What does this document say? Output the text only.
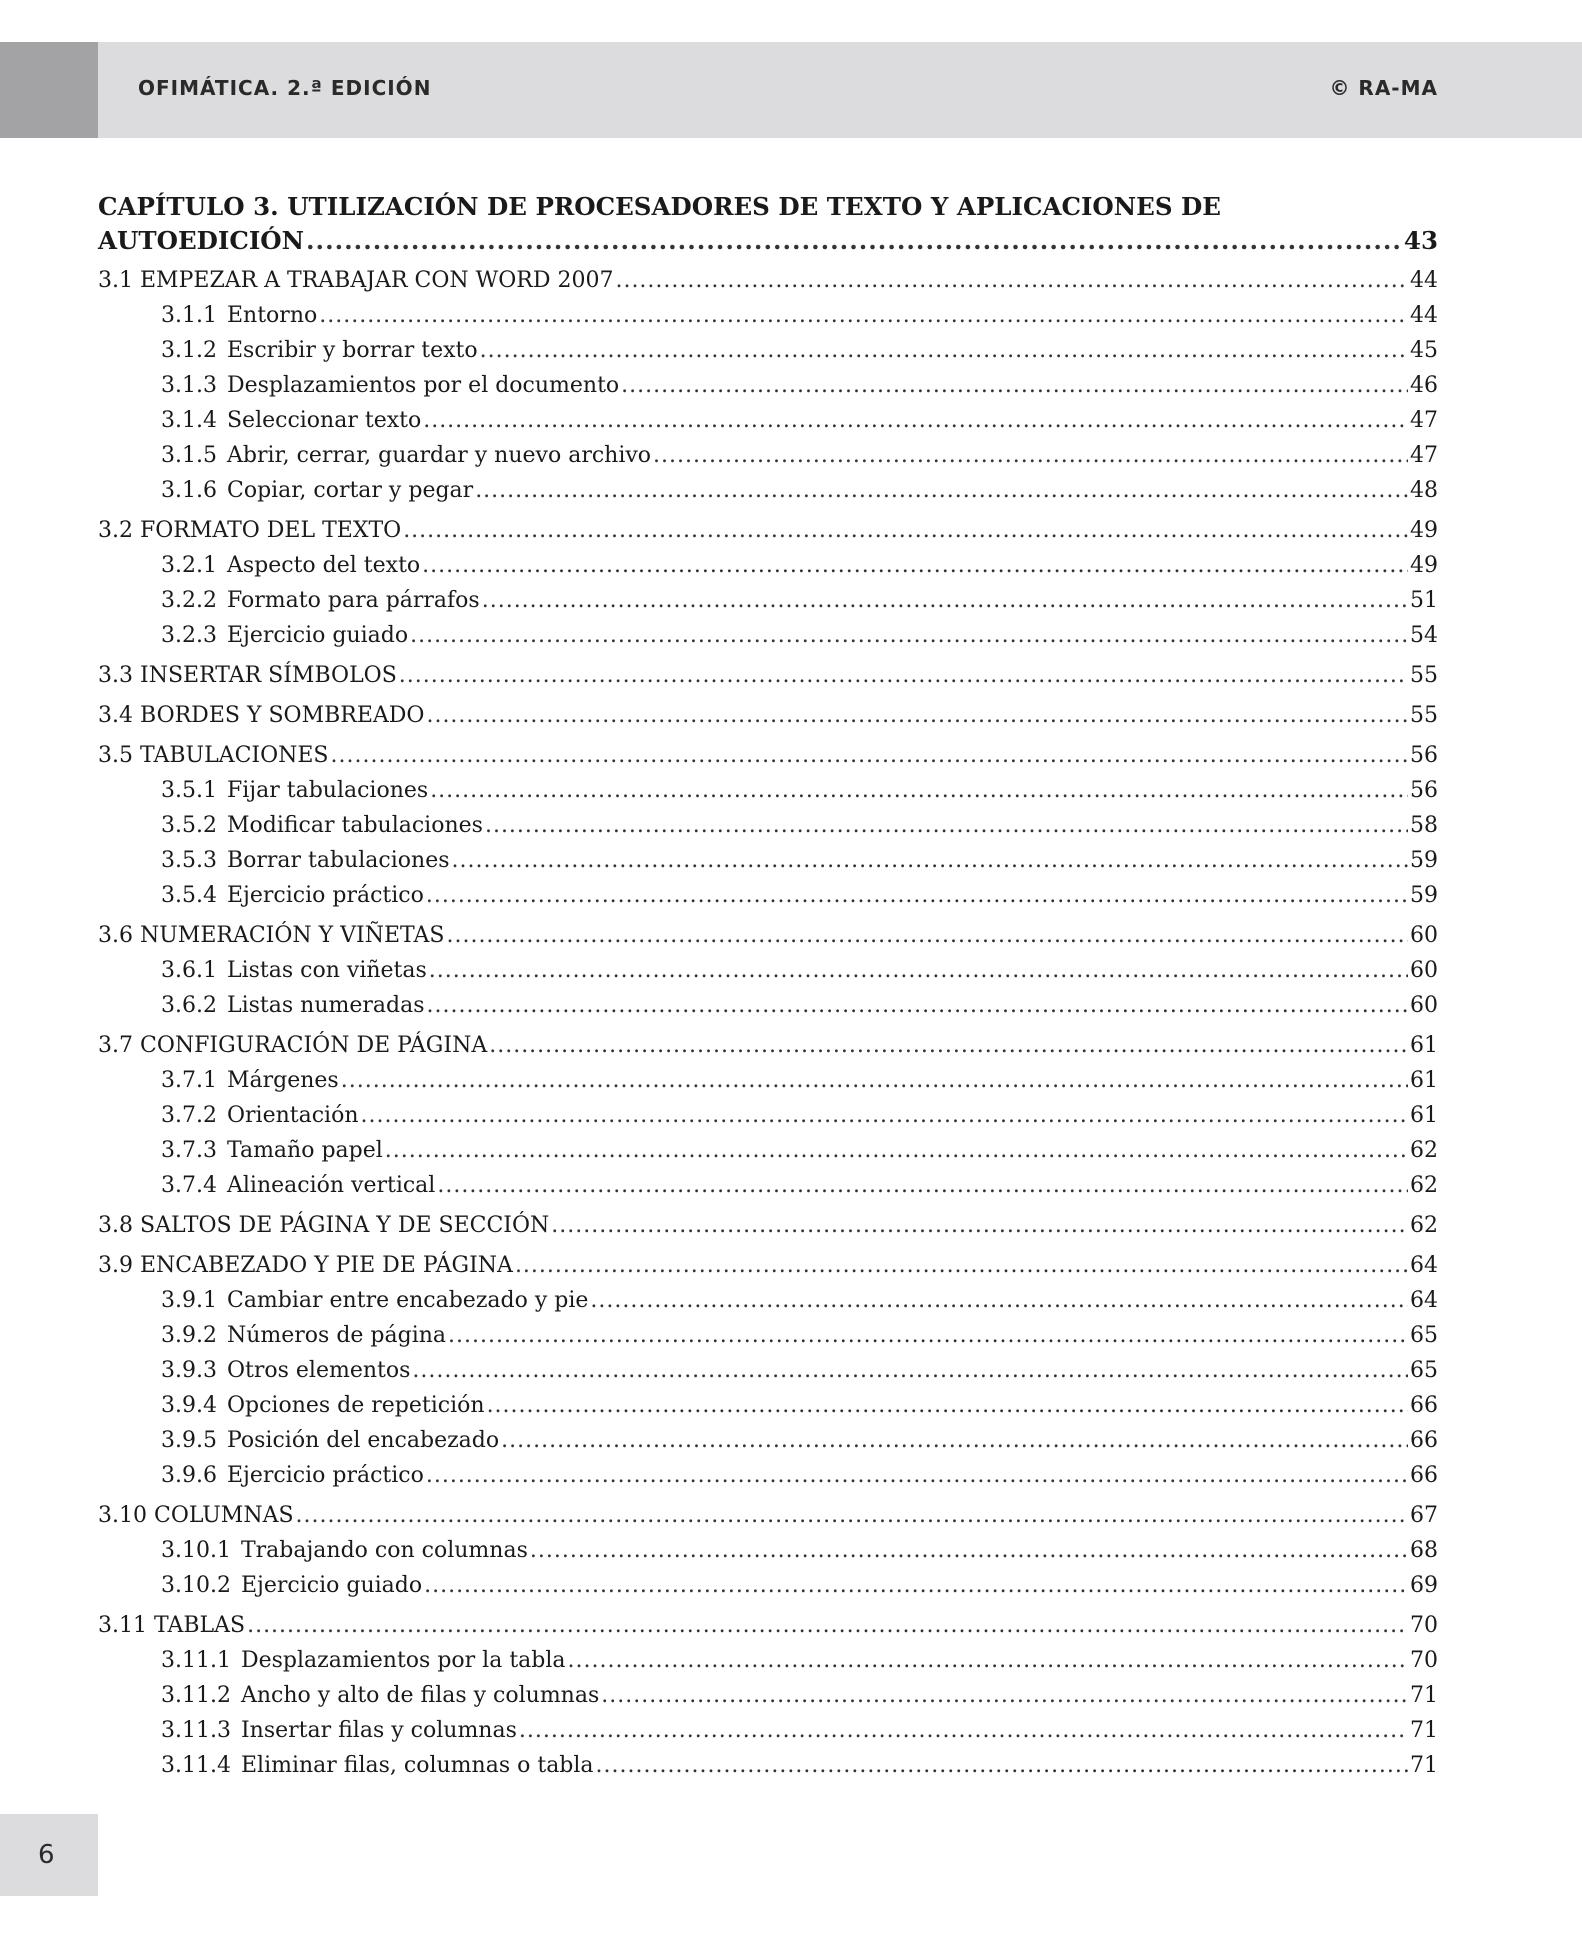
OFIMÁTICA. 2.ª EDICIÓN	© RA-MA
CAPÍTULO 3. UTILIZACIÓN DE PROCESADORES DE TEXTO Y APLICACIONES DE
AUTOEDICIÓN .....	43
3.1 EMPEZAR A TRABAJAR CON WORD 2007 .....	44
3.1.1 Entorno .....	44
3.1.2 Escribir y borrar texto .....	45
3.1.3 Desplazamientos por el documento .....	46
3.1.4 Seleccionar texto .....	47
3.1.5 Abrir, cerrar, guardar y nuevo archivo .....	47
3.1.6 Copiar, cortar y pegar .....	48
3.2 FORMATO DEL TEXTO .....	49
3.2.1 Aspecto del texto .....	49
3.2.2 Formato para párrafos .....	51
3.2.3 Ejercicio guiado .....	54
3.3 INSERTAR SÍMBOLOS .....	55
3.4 BORDES Y SOMBREADO .....	55
3.5 TABULACIONES .....	56
3.5.1 Fijar tabulaciones .....	56
3.5.2 Modificar tabulaciones .....	58
3.5.3 Borrar tabulaciones .....	59
3.5.4 Ejercicio práctico .....	59
3.6 NUMERACIÓN Y VIÑETAS .....	60
3.6.1 Listas con viñetas .....	60
3.6.2 Listas numeradas .....	60
3.7 CONFIGURACIÓN DE PÁGINA .....	61
3.7.1 Márgenes .....	61
3.7.2 Orientación .....	61
3.7.3 Tamaño papel .....	62
3.7.4 Alineación vertical .....	62
3.8 SALTOS DE PÁGINA Y DE SECCIÓN .....	62
3.9 ENCABEZADO Y PIE DE PÁGINA .....	64
3.9.1 Cambiar entre encabezado y pie .....	64
3.9.2 Números de página .....	65
3.9.3 Otros elementos .....	65
3.9.4 Opciones de repetición .....	66
3.9.5 Posición del encabezado .....	66
3.9.6 Ejercicio práctico .....	66
3.10 COLUMNAS .....	67
3.10.1 Trabajando con columnas .....	68
3.10.2 Ejercicio guiado .....	69
3.11 TABLAS .....	70
3.11.1 Desplazamientos por la tabla .....	70
3.11.2 Ancho y alto de filas y columnas .....	71
3.11.3 Insertar filas y columnas .....	71
3.11.4 Eliminar filas, columnas o tabla .....	71
6
